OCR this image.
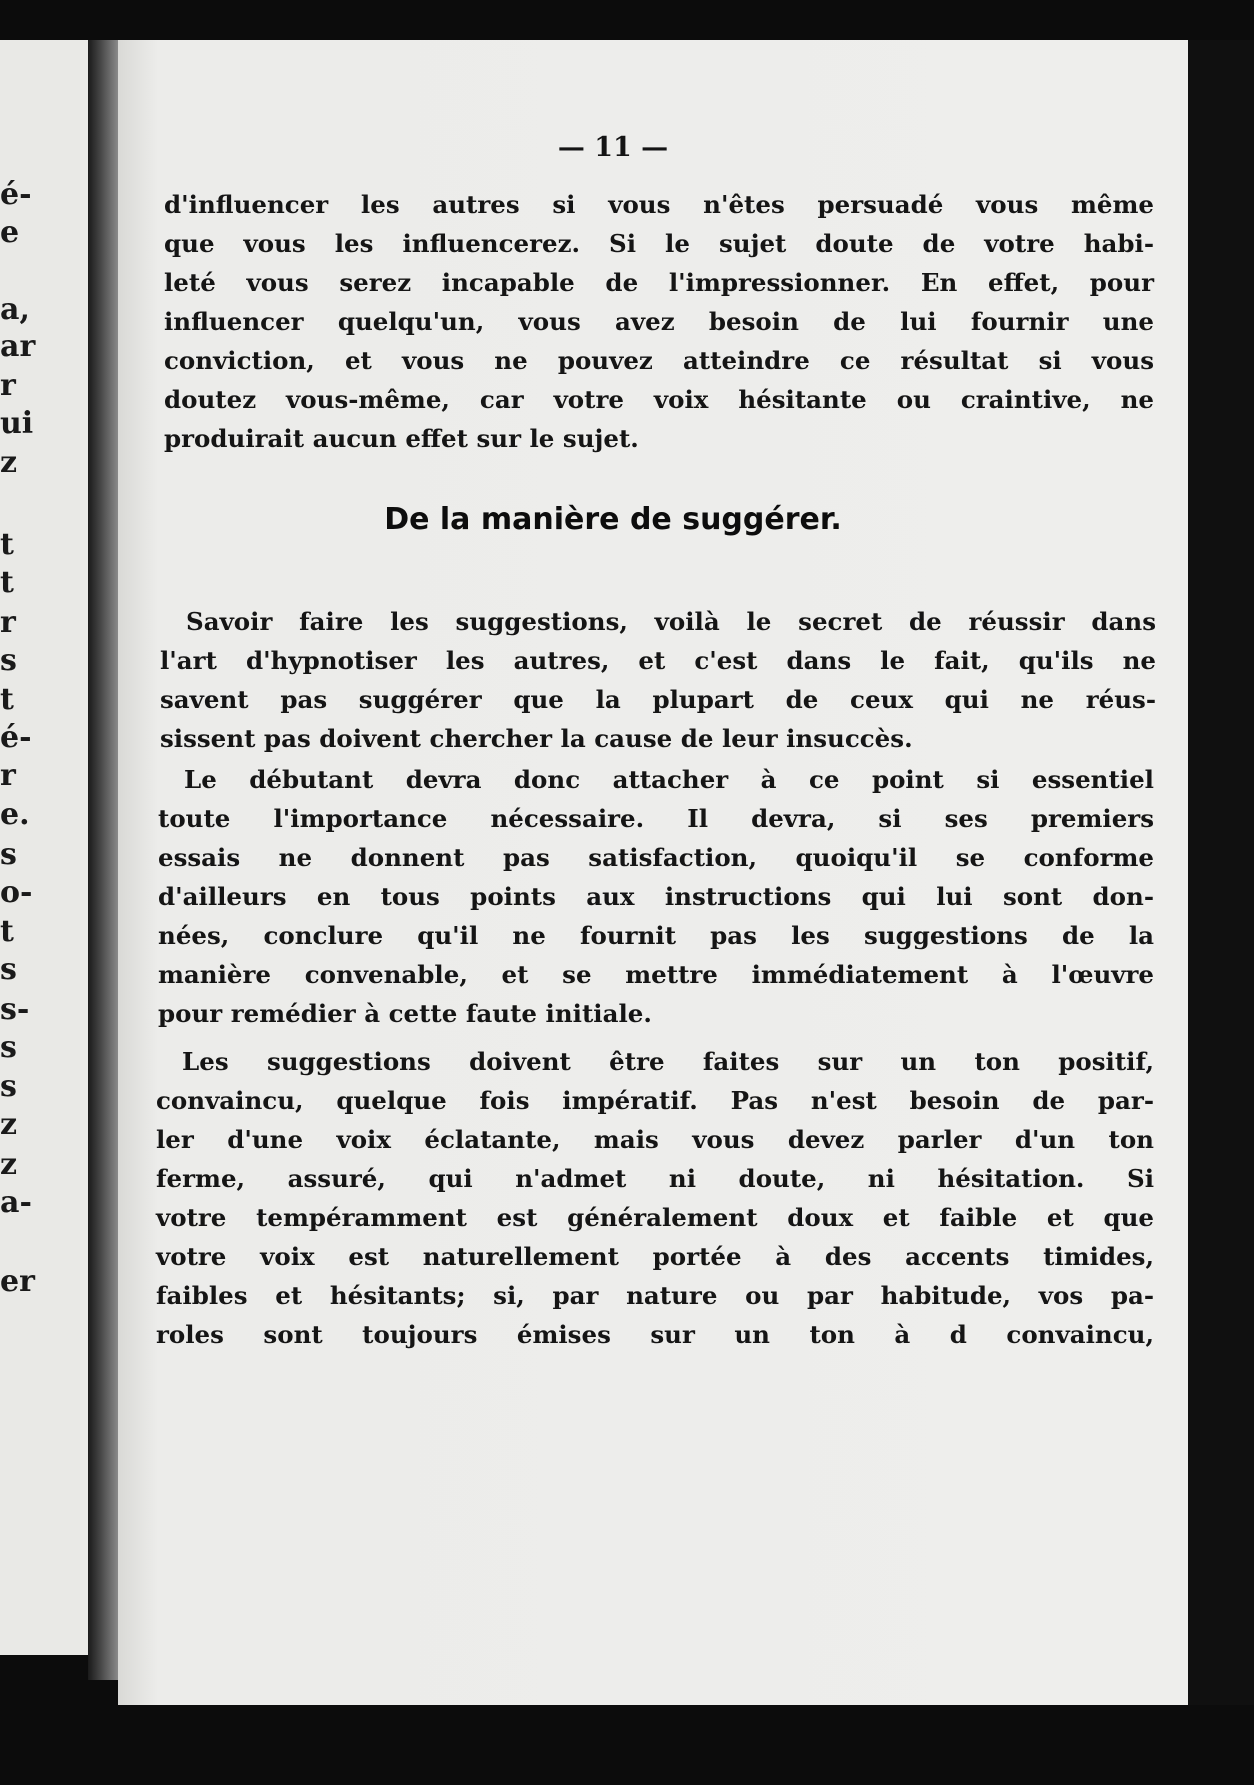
é-
e
a,
ar
r
ui
z
t
t
r
s
t
é-
r
e.
s
o-
t
s
s-
s
s
z
z
a-
er
— 11 —
d'influencer les autres si vous n'êtes persuadé vous même
que vous les influencerez. Si le sujet doute de votre habi-
leté vous serez incapable de l'impressionner. En effet, pour
influencer quelqu'un, vous avez besoin de lui fournir une
conviction, et vous ne pouvez atteindre ce résultat si vous
doutez vous-même, car votre voix hésitante ou craintive, ne
produirait aucun effet sur le sujet.
De la manière de suggérer.
Savoir faire les suggestions, voilà le secret de réussir dans
l'art d'hypnotiser les autres, et c'est dans le fait, qu'ils ne
savent pas suggérer que la plupart de ceux qui ne réus-
sissent pas doivent chercher la cause de leur insuccès.
Le débutant devra donc attacher à ce point si essentiel
toute l'importance nécessaire. Il devra, si ses premiers
essais ne donnent pas satisfaction, quoiqu'il se conforme
d'ailleurs en tous points aux instructions qui lui sont don-
nées, conclure qu'il ne fournit pas les suggestions de la
manière convenable, et se mettre immédiatement à l'œuvre
pour remédier à cette faute initiale.
Les suggestions doivent être faites sur un ton positif,
convaincu, quelque fois impératif. Pas n'est besoin de par-
ler d'une voix éclatante, mais vous devez parler d'un ton
ferme, assuré, qui n'admet ni doute, ni hésitation. Si
votre tempéramment est généralement doux et faible et que
votre voix est naturellement portée à des accents timides,
faibles et hésitants; si, par nature ou par habitude, vos pa-
roles sont toujours émises sur un ton à d convaincu,
